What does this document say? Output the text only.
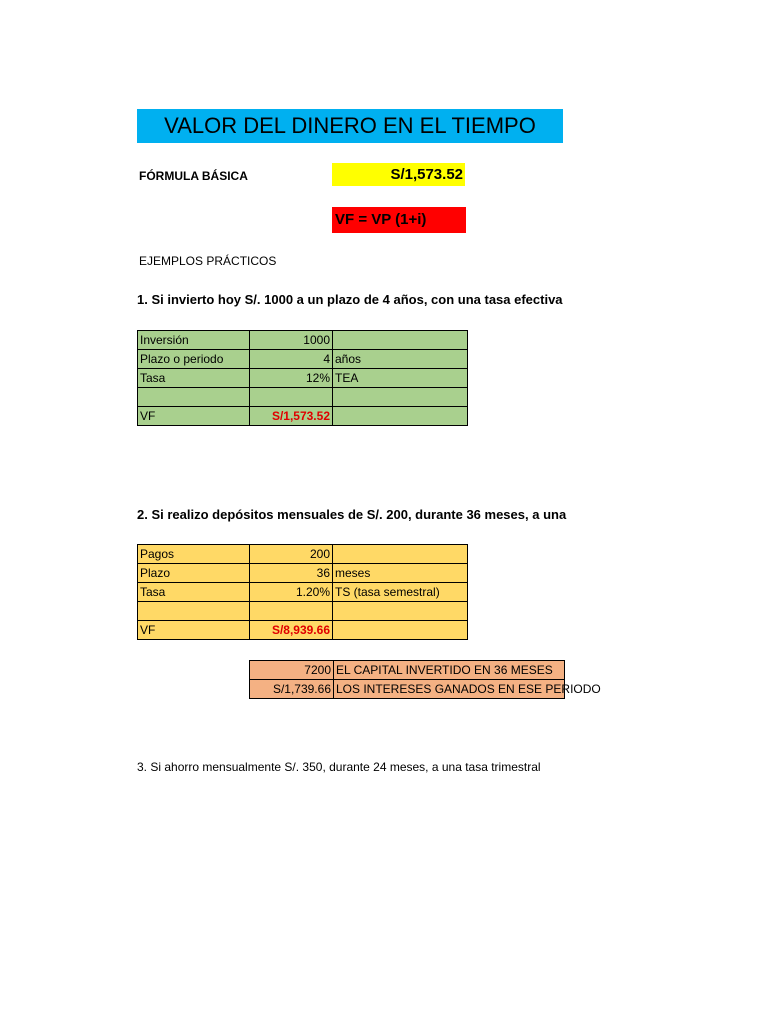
VALOR DEL DINERO EN EL TIEMPO
FÓRMULA BÁSICA	S/1,573.52
VF = VP (1+i)
EJEMPLOS PRÁCTICOS
1. Si invierto hoy S/. 1000 a un plazo de 4 años, con una tasa efectiva
Inversión	1000	
Plazo o periodo	4	años
Tasa	12%	TEA

VF	S/1,573.52	
2. Si realizo depósitos mensuales de S/. 200, durante 36 meses, a una
Pagos	200	
Plazo	36	meses
Tasa	1.20%	TS (tasa semestral)

VF	S/8,939.66	
7200	EL CAPITAL INVERTIDO EN 36 MESES
S/1,739.66	LOS INTERESES GANADOS EN ESE PERIODO
3. Si ahorro mensualmente S/. 350, durante 24 meses, a una tasa trimestral
